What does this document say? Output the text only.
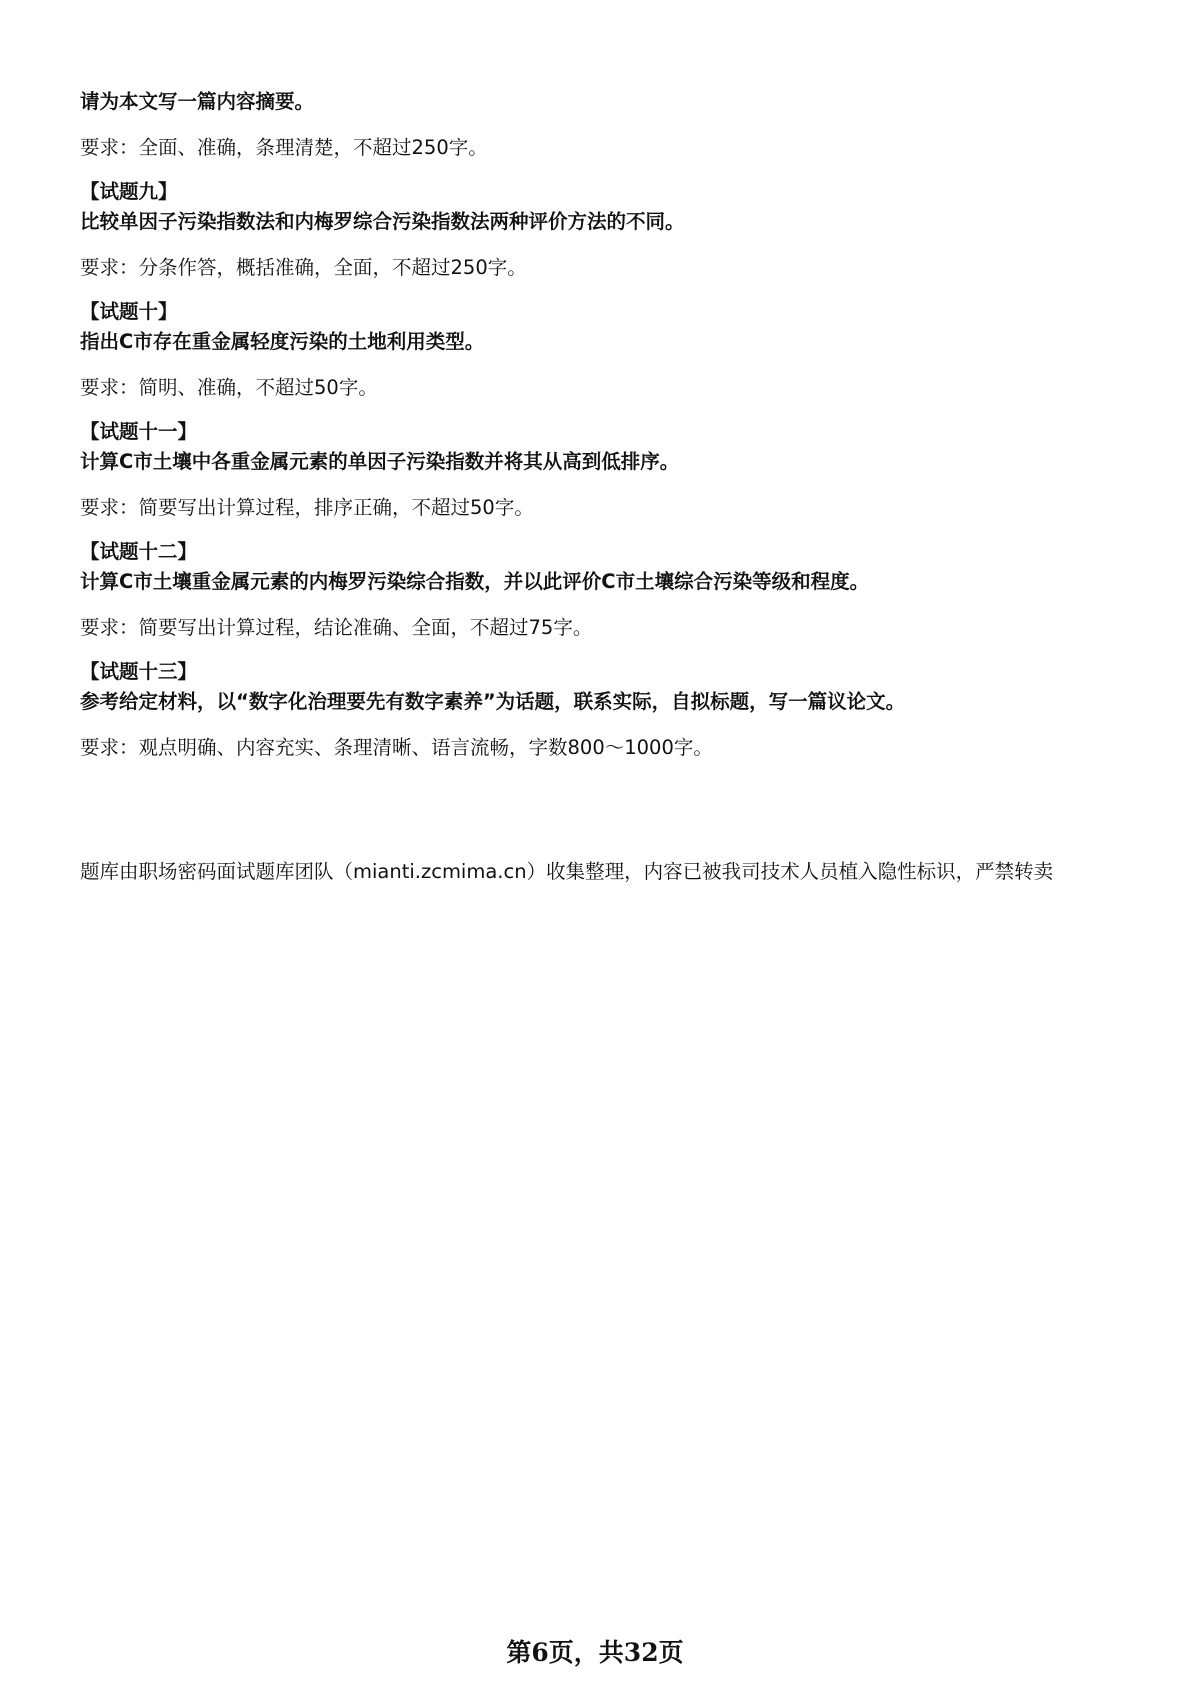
请为本文写一篇内容摘要。

要求：全面、准确，条理清楚，不超过250字。

【试题九】

比较单因子污染指数法和内梅罗综合污染指数法两种评价方法的不同。

要求：分条作答，概括准确，全面，不超过250字。

【试题十】

指出C市存在重金属轻度污染的土地利用类型。

要求：简明、准确，不超过50字。

【试题十一】

计算C市土壤中各重金属元素的单因子污染指数并将其从高到低排序。

要求：简要写出计算过程，排序正确，不超过50字。

【试题十二】

计算C市土壤重金属元素的内梅罗污染综合指数，并以此评价C市土壤综合污染等级和程度。

要求：简要写出计算过程，结论准确、全面，不超过75字。

【试题十三】

参考给定材料，以“数字化治理要先有数字素养”为话题，联系实际，自拟标题，写一篇议论文。

要求：观点明确、内容充实、条理清晰、语言流畅，字数800～1000字。

题库由职场密码面试题库团队（mianti.zcmima.cn）收集整理，内容已被我司技术人员植入隐性标识，严禁转卖
第6页，共32页
